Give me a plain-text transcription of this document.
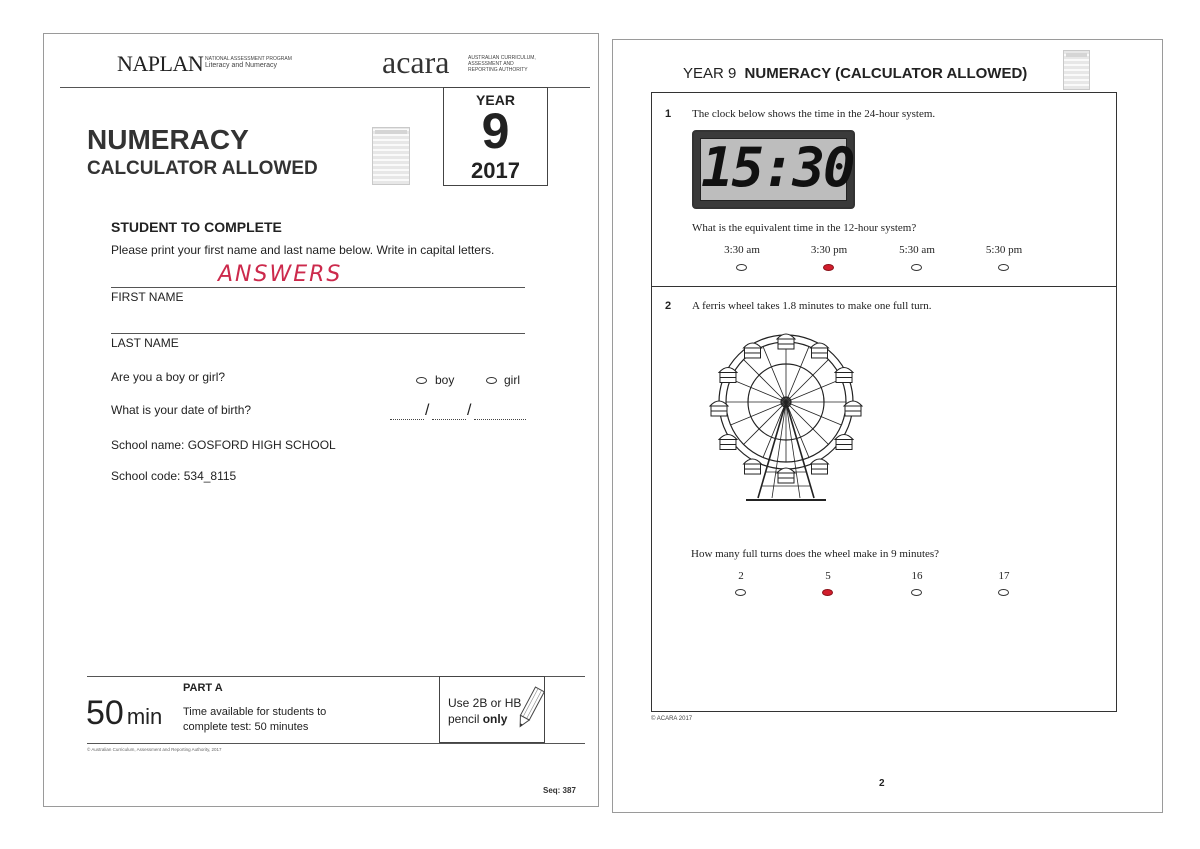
NAPLAN NATIONAL ASSESSMENT PROGRAM
Literacy and Numeracy	acara	AUSTRALIAN CURRICULUM,
ASSESSMENT AND
REPORTING AUTHORITY
NUMERACY
CALCULATOR ALLOWED
YEAR
9
2017
STUDENT TO COMPLETE
Please print your first name and last name below. Write in capital letters.
ANSWERS
FIRST NAME
LAST NAME
Are you a boy or girl?	boy	girl
What is your date of birth?	/ /
School name: GOSFORD HIGH SCHOOL
School code: 534_8115
PART A
50 min Time available for students to
complete test: 50 minutes
Use 2B or HB
pencil only
© Australian Curriculum, Assessment and Reporting Authority, 2017
Seq: 387
YEAR 9 NUMERACY (CALCULATOR ALLOWED)
1 The clock below shows the time in the 24-hour system.
15:30
What is the equivalent time in the 12-hour system?
3:30 am	3:30 pm	5:30 am	5:30 pm
2 A ferris wheel takes 1.8 minutes to make one full turn.
How many full turns does the wheel make in 9 minutes?
2	5	16	17
© ACARA 2017
2
